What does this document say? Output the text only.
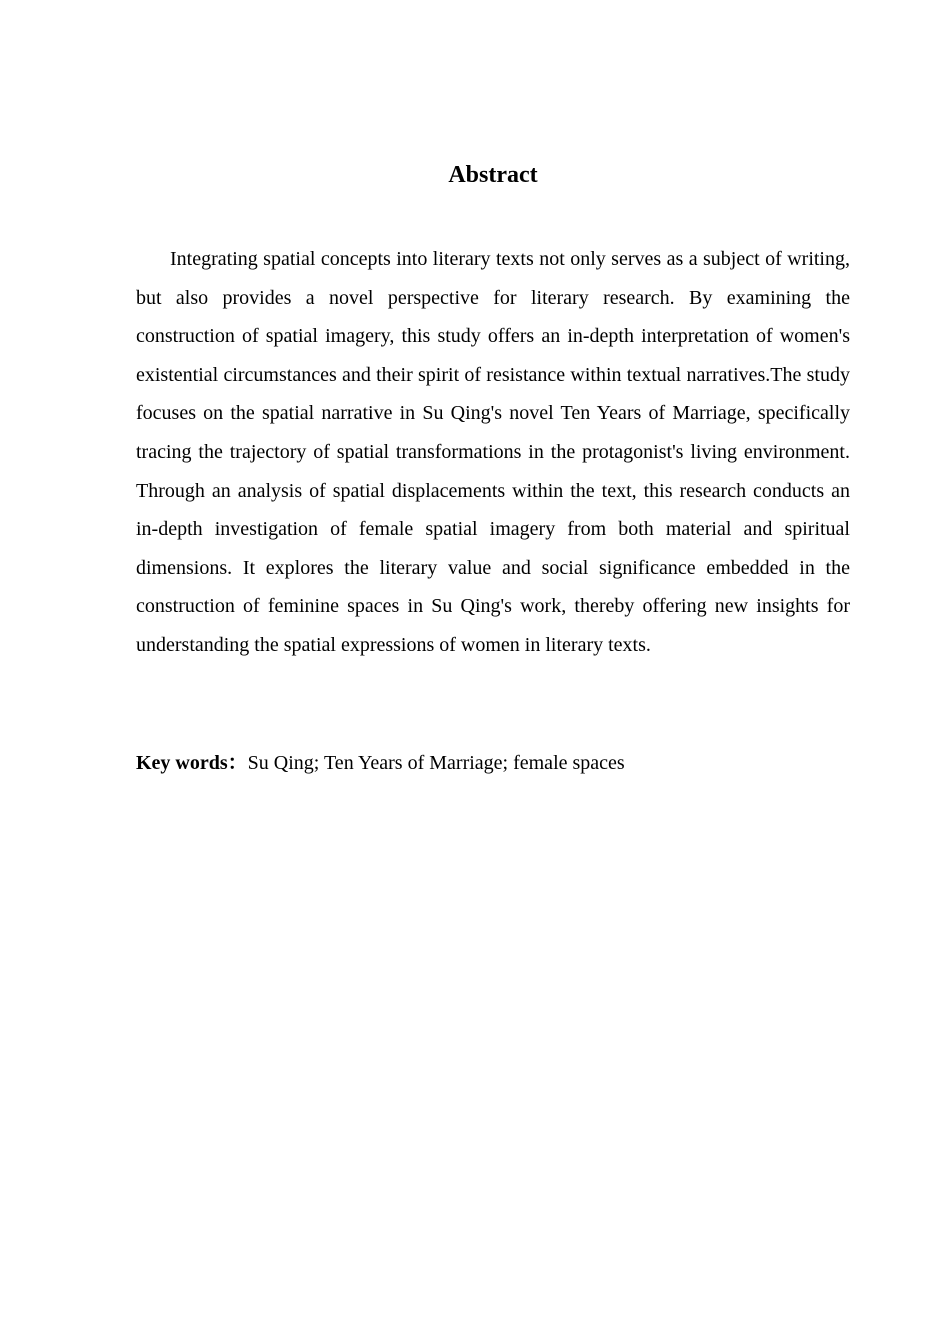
Abstract

Integrating spatial concepts into literary texts not only serves as a subject of writing, but also provides a novel perspective for literary research. By examining the construction of spatial imagery, this study offers an in-depth interpretation of women's existential circumstances and their spirit of resistance within textual narratives.The study focuses on the spatial narrative in Su Qing's novel Ten Years of Marriage, specifically tracing the trajectory of spatial transformations in the protagonist's living environment. Through an analysis of spatial displacements within the text, this research conducts an in-depth investigation of female spatial imagery from both material and spiritual dimensions. It explores the literary value and social significance embedded in the construction of feminine spaces in Su Qing's work, thereby offering new insights for understanding the spatial expressions of women in literary texts.

Key words：Su Qing; Ten Years of Marriage; female spaces
